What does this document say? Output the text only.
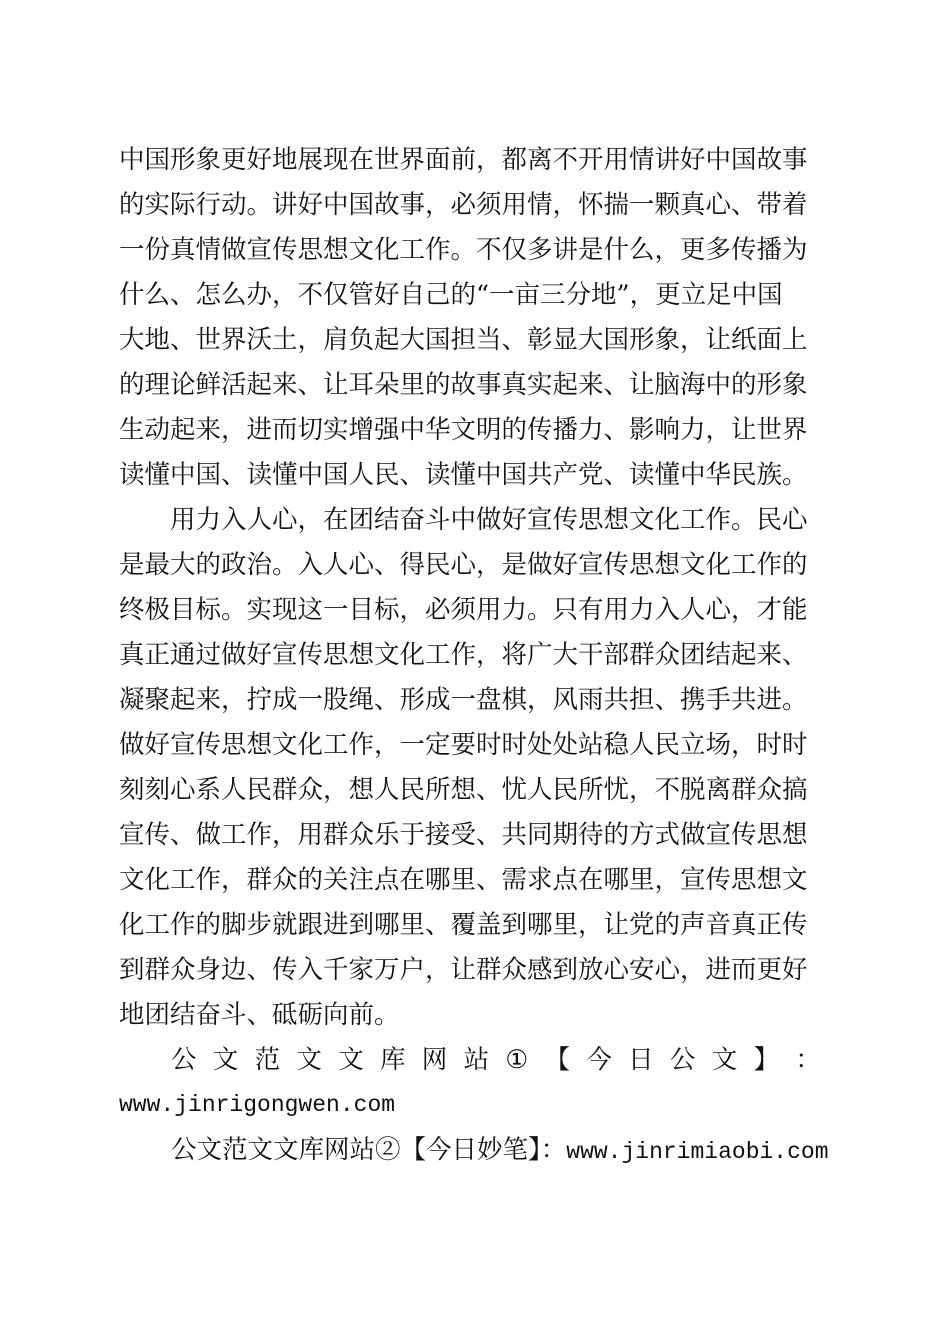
中国形象更好地展现在世界面前，都离不开用情讲好中国故事
的实际行动。讲好中国故事，必须用情，怀揣一颗真心、带着
一份真情做宣传思想文化工作。不仅多讲是什么，更多传播为
什么、怎么办，不仅管好自己的“一亩三分地”，更立足中国
大地、世界沃土，肩负起大国担当、彰显大国形象，让纸面上
的理论鲜活起来、让耳朵里的故事真实起来、让脑海中的形象
生动起来，进而切实增强中华文明的传播力、影响力，让世界
读懂中国、读懂中国人民、读懂中国共产党、读懂中华民族。
　　用力入人心，在团结奋斗中做好宣传思想文化工作。民心
是最大的政治。入人心、得民心，是做好宣传思想文化工作的
终极目标。实现这一目标，必须用力。只有用力入人心，才能
真正通过做好宣传思想文化工作，将广大干部群众团结起来、
凝聚起来，拧成一股绳、形成一盘棋，风雨共担、携手共进。
做好宣传思想文化工作，一定要时时处处站稳人民立场，时时
刻刻心系人民群众，想人民所想、忧人民所忧，不脱离群众搞
宣传、做工作，用群众乐于接受、共同期待的方式做宣传思想
文化工作，群众的关注点在哪里、需求点在哪里，宣传思想文
化工作的脚步就跟进到哪里、覆盖到哪里，让党的声音真正传
到群众身边、传入千家万户，让群众感到放心安心，进而更好
地团结奋斗、砥砺向前。
公 文 范 文 文 库 网 站 ① 【 今 日 公 文 】 ：
www.jinrigongwen.com
公文范文文库网站②【今日妙笔】：www.jinrimiaobi.com
